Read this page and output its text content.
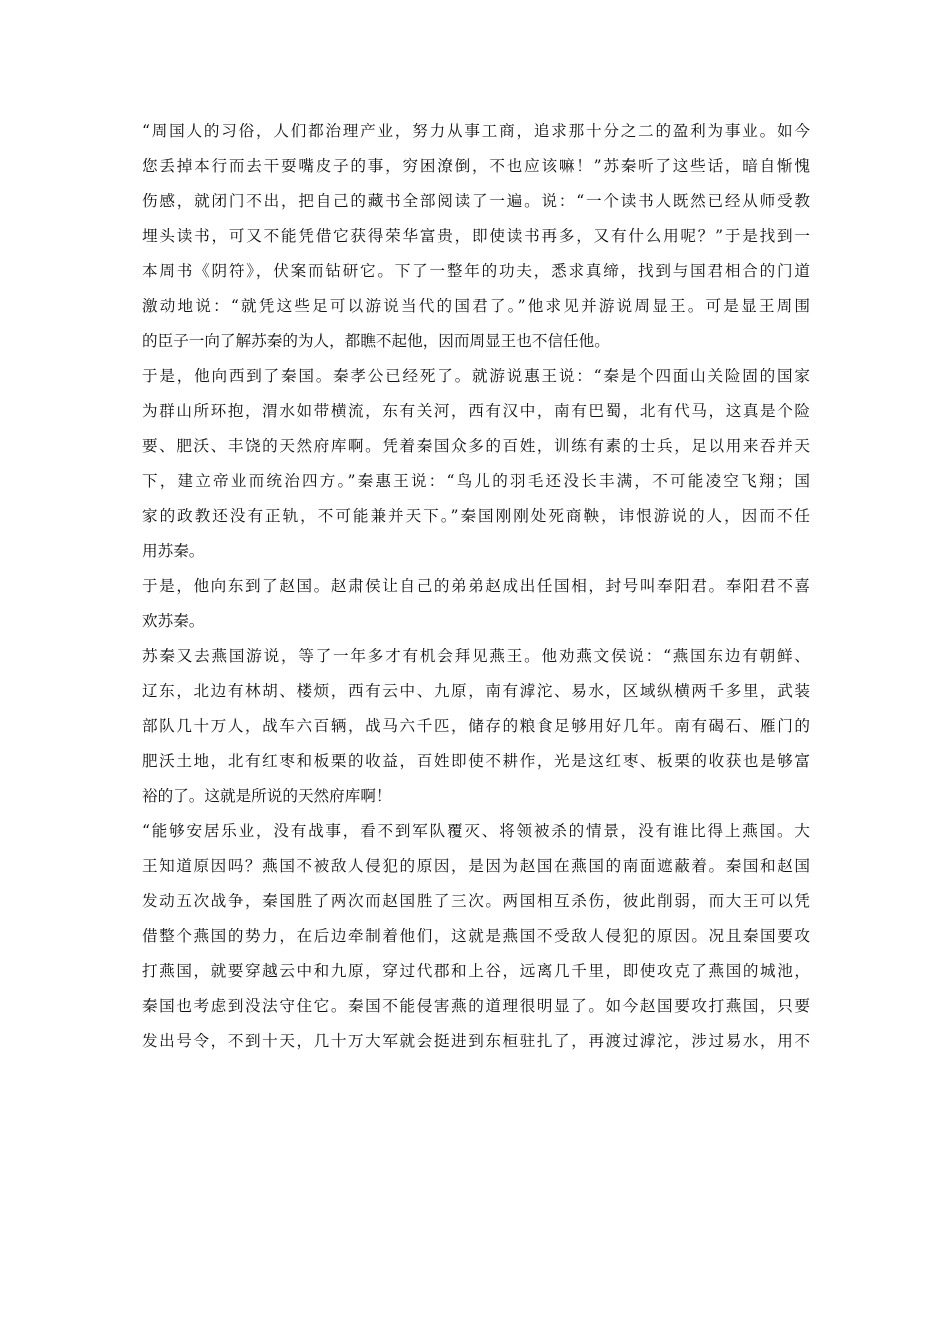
“周国人的习俗，人们都治理产业，努力从事工商，追求那十分之二的盈利为事业。如今
您丢掉本行而去干耍嘴皮子的事，穷困潦倒，不也应该嘛！”苏秦听了这些话，暗自惭愧
伤感，就闭门不出，把自己的藏书全部阅读了一遍。说：“一个读书人既然已经从师受教
埋头读书，可又不能凭借它获得荣华富贵，即使读书再多，又有什么用呢？”于是找到一
本周书《阴符》，伏案而钻研它。下了一整年的功夫，悉求真缔，找到与国君相合的门道
激动地说：“就凭这些足可以游说当代的国君了。”他求见并游说周显王。可是显王周围
的臣子一向了解苏秦的为人，都瞧不起他，因而周显王也不信任他。
于是，他向西到了秦国。秦孝公已经死了。就游说惠王说：“秦是个四面山关险固的国家
为群山所环抱，渭水如带横流，东有关河，西有汉中，南有巴蜀，北有代马，这真是个险
要、肥沃、丰饶的天然府库啊。凭着秦国众多的百姓，训练有素的士兵，足以用来吞并天
下，建立帝业而统治四方。”秦惠王说：“鸟儿的羽毛还没长丰满，不可能凌空飞翔；国
家的政教还没有正轨，不可能兼并天下。”秦国刚刚处死商鞅，讳恨游说的人，因而不任
用苏秦。
于是，他向东到了赵国。赵肃侯让自己的弟弟赵成出任国相，封号叫奉阳君。奉阳君不喜
欢苏秦。
苏秦又去燕国游说，等了一年多才有机会拜见燕王。他劝燕文侯说：“燕国东边有朝鲜、
辽东，北边有林胡、楼烦，西有云中、九原，南有滹沱、易水，区域纵横两千多里，武装
部队几十万人，战车六百辆，战马六千匹，储存的粮食足够用好几年。南有碣石、雁门的
肥沃土地，北有红枣和板栗的收益，百姓即使不耕作，光是这红枣、板栗的收获也是够富
裕的了。这就是所说的天然府库啊！
“能够安居乐业，没有战事，看不到军队覆灭、将领被杀的情景，没有谁比得上燕国。大
王知道原因吗？燕国不被敌人侵犯的原因，是因为赵国在燕国的南面遮蔽着。秦国和赵国
发动五次战争，秦国胜了两次而赵国胜了三次。两国相互杀伤，彼此削弱，而大王可以凭
借整个燕国的势力，在后边牵制着他们，这就是燕国不受敌人侵犯的原因。况且秦国要攻
打燕国，就要穿越云中和九原，穿过代郡和上谷，远离几千里，即使攻克了燕国的城池，
秦国也考虑到没法守住它。秦国不能侵害燕的道理很明显了。如今赵国要攻打燕国，只要
发出号令，不到十天，几十万大军就会挺进到东桓驻扎了，再渡过滹沱，涉过易水，用不
